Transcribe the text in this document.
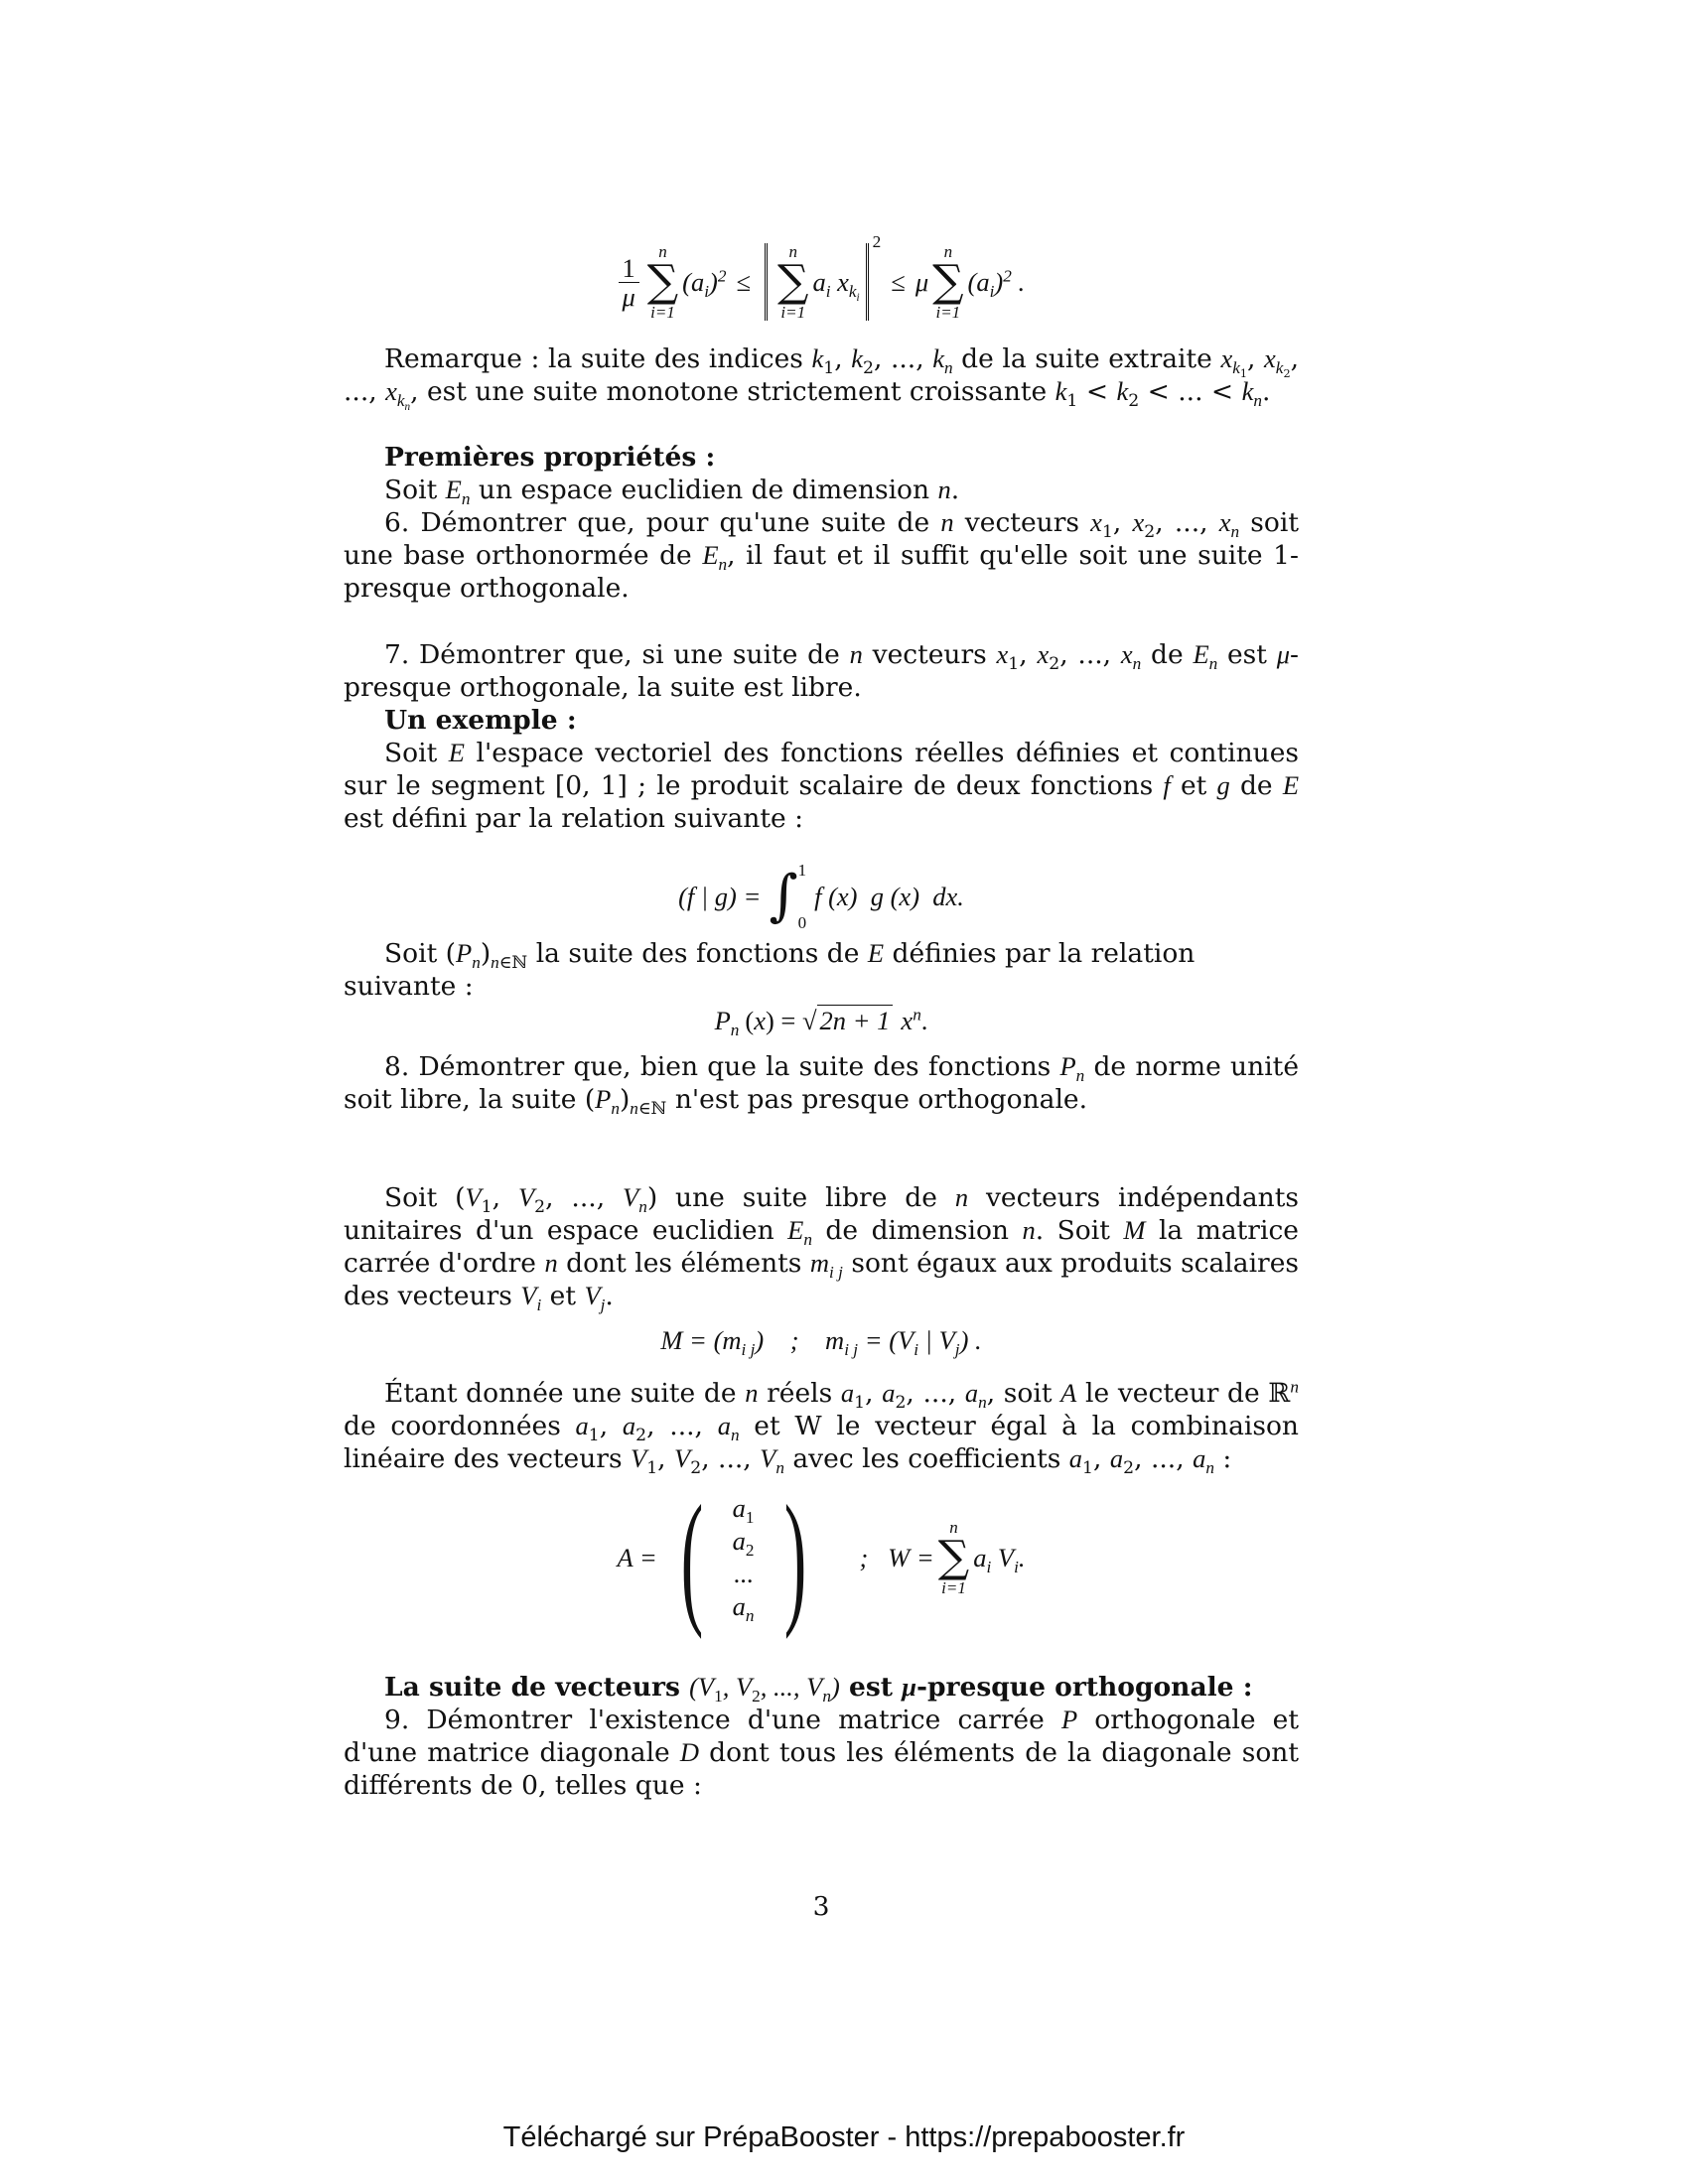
$\frac{1}{\mu}$
n
∑
i=1
$(a_i)^2$ ≤
n
∑
i=1
$a_i$ $x_{k_i}$
2
≤ μ
n
∑
i=1
$(a_i)^2$ .

Remarque : la suite des indices $k_1$, $k_2$, ..., $k_n$ de la suite extraite $x_{k_1}$, $x_{k_2}$, ..., $x_{k_n}$, est une suite monotone strictement croissante $k_1 < k_2$ < ... < $k_n$.

Premières propriétés :

Soit $E_n$ un espace euclidien de dimension n.

6. Démontrer que, pour qu'une suite de n vecteurs $x_1$, $x_2$, ..., $x_n$ soit une base orthonormée de $E_n$, il faut et il suffit qu'elle soit une suite 1-presque orthogonale.

7. Démontrer que, si une suite de n vecteurs $x_1$, $x_2$, ..., $x_n$ de $E_n$ est μ-presque orthogonale, la suite est libre.

Un exemple :

Soit E l'espace vectoriel des fonctions réelles définies et continues sur le segment [0, 1] ; le produit scalaire de deux fonctions f et g de E est défini par la relation suivante :

(f | g) = ∫ 1
0
f (x)  g (x)  dx.

Soit $(P_n)_{n\in ℕ}$ la suite des fonctions de E définies par la relation suivante :

$P_n$ ( x ) = √ 2n + 1 $x^n$ .

8. Démontrer que, bien que la suite des fonctions $P_n$ de norme unité soit libre, la suite $(P_n)_{n\in ℕ}$ n'est pas presque orthogonale.

Soit ($V_1$, $V_2$, ..., $V_n$) une suite libre de n vecteurs indépendants unitaires d'un espace euclidien $E_n$ de dimension n. Soit M la matrice carrée d'ordre n dont les éléments $m_{i j}$ sont égaux aux produits scalaires des vecteurs $V_i$ et $V_j$.

$M = (m_{i j})$    ;    $m_{i j} = (V_i$ | $V_j$) .

Étant donnée une suite de n réels $a_1$, $a_2$, ..., $a_n$, soit A le vecteur de ℝ$^n$ de coordonnées $a_1$, $a_2$, ..., $a_n$ et W le vecteur égal à la combinaison linéaire des vecteurs $V_1$, $V_2$, ..., $V_n$ avec les coefficients $a_1$, $a_2$, ..., $a_n$ :

A = ( $a_1$
$a_2$
...
$a_n$ ) ;   W =
n
∑
i=1
$a_i$ $V_i$.

La suite de vecteurs ($V_1$, $V_2$, ..., $V_n$) est μ-presque orthogonale :

9. Démontrer l'existence d'une matrice carrée P orthogonale et d'une matrice diagonale D dont tous les éléments de la diagonale sont différents de 0, telles que :

3
Téléchargé sur PrépaBooster - https://prepabooster.fr
